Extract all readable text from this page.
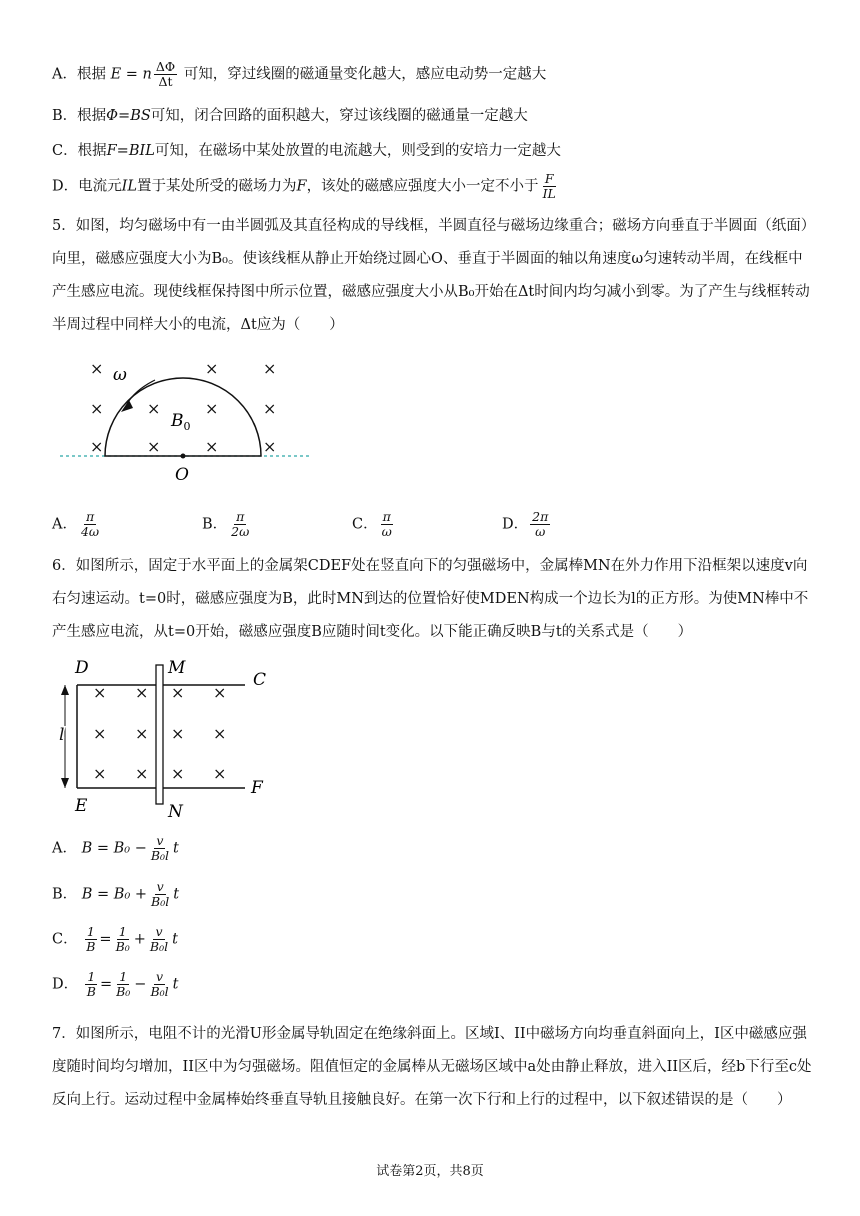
A．根据 E = n $\frac{\Delta\Phi}{\Delta t}$ 可知，穿过线圈的磁通量变化越大，感应电动势一定越大
B．根据Φ=BS可知，闭合回路的面积越大，穿过该线圈的磁通量一定越大
C．根据F=BIL可知，在磁场中某处放置的电流越大，则受到的安培力一定越大
D．电流元IL置于某处所受的磁场力为F，该处的磁感应强度大小一定不小于 $\frac{F}{IL}$
5．如图，均匀磁场中有一由半圆弧及其直径构成的导线框，半圆直径与磁场边缘重合；磁场方向垂直于半圆面（纸面）向里，磁感应强度大小为B₀。使该线框从静止开始绕过圆心O、垂直于半圆面的轴以角速度ω匀速转动半周，在线框中产生感应电流。现使线框保持图中所示位置，磁感应强度大小从B₀开始在Δt时间内均匀减小到零。为了产生与线框转动半周过程中同样大小的电流，Δt应为（　　）
ω
$B_0$
O
×	×	×
×	×	×	×
×	×	×	×
A． $\frac{\pi}{4\omega}$	B． $\frac{\pi}{2\omega}$	C． $\frac{\pi}{\omega}$	D． $\frac{2\pi}{\omega}$
6．如图所示，固定于水平面上的金属架CDEF处在竖直向下的匀强磁场中，金属棒MN在外力作用下沿框架以速度v向右匀速运动。t=0时，磁感应强度为B，此时MN到达的位置恰好使MDEN构成一个边长为l的正方形。为使MN棒中不产生感应电流，从t=0开始，磁感应强度B应随时间t变化。以下能正确反映B与t的关系式是（　　）
l
D	M
C
E	N
F
× × × ×
× × × ×
× × × ×
A． $B = B_0 - \frac{v}{\text{B₀l}}$ t
B． $B = B_0 + \frac{v}{\text{B₀l}}$ t
C． $\frac{1}{B} = \frac{1}{\text{B₀}} + \frac{v}{\text{B₀l}}$ t
D． $\frac{1}{B} = \frac{1}{\text{B₀}} - \frac{v}{\text{B₀l}}$ t
7．如图所示，电阻不计的光滑U形金属导轨固定在绝缘斜面上。区域I、II中磁场方向均垂直斜面向上，I区中磁感应强度随时间均匀增加，II区中为匀强磁场。阻值恒定的金属棒从无磁场区域中a处由静止释放，进入II区后，经b下行至c处反向上行。运动过程中金属棒始终垂直导轨且接触良好。在第一次下行和上行的过程中，以下叙述错误的是（　　）
试卷第2页，共8页
